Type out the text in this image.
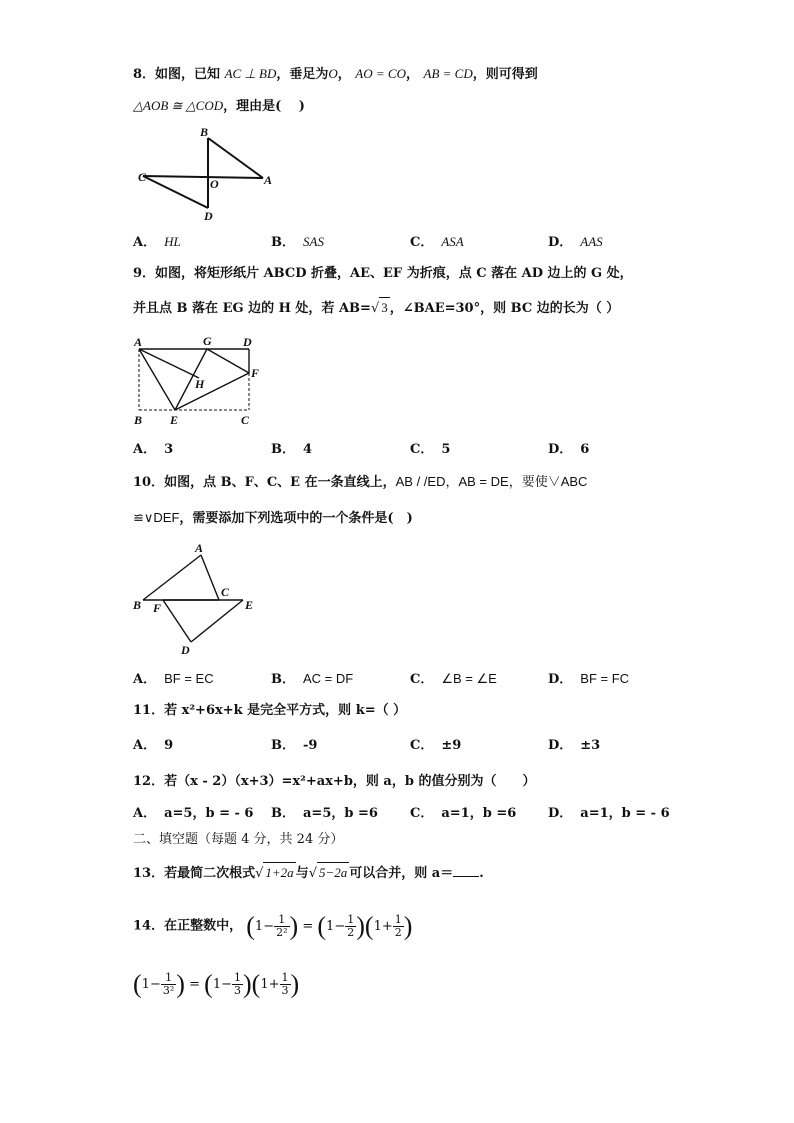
8．如图，已知 AC ⊥ BD，垂足为O， AO = CO， AB = CD，则可得到
△AOB ≅ △COD，理由是(　 )
B
C	O	A
D
A． HL	B． SAS	C． ASA	D． AAS
9．如图，将矩形纸片 ABCD 折叠，AE、EF 为折痕，点 C 落在 AD 边上的 G 处，
并且点 B 落在 EG 边的 H 处，若 AB=√ 3 ，∠BAE=30°，则 BC 边的长为（ ）
A	G	D
H
F
B E	C
A． 3	B． 4	C． 5	D． 6
10．如图，点 B、F、C、E 在一条直线上，AB / /ED，AB = DE，要使∨ABC
≌∨DEF，需要添加下列选项中的一个条件是(　)
A
B F
C
E
D
A． BF = EC	B． AC = DF	C． ∠B = ∠E	D． BF = FC
11．若 x²+6x+k 是完全平方式，则 k=（ ）
A． 9	B． -9	C． ±9	D． ±3
12．若（x - 2）（x+3）=x²+ax+b，则 a，b 的值分别为（　　）
A． a=5，b = - 6 B． a=5，b =6 C． a=1，b =6 D． a=1，b = - 6
二、填空题（每题 4 分，共 24 分）
13．若最简二次根式√ 1+2a 与√ 5−2a 可以合并，则 a＝ .
14．在正整数中， ($1- \frac{1}{\text{2²}}$ ) = $(1- \frac{1}{2} )(1+ \frac{1}{2}$ )
($1- \frac{1}{\text{3²}}$ ) = $(1- \frac{1}{3} )(1+ \frac{1}{3}$ )
